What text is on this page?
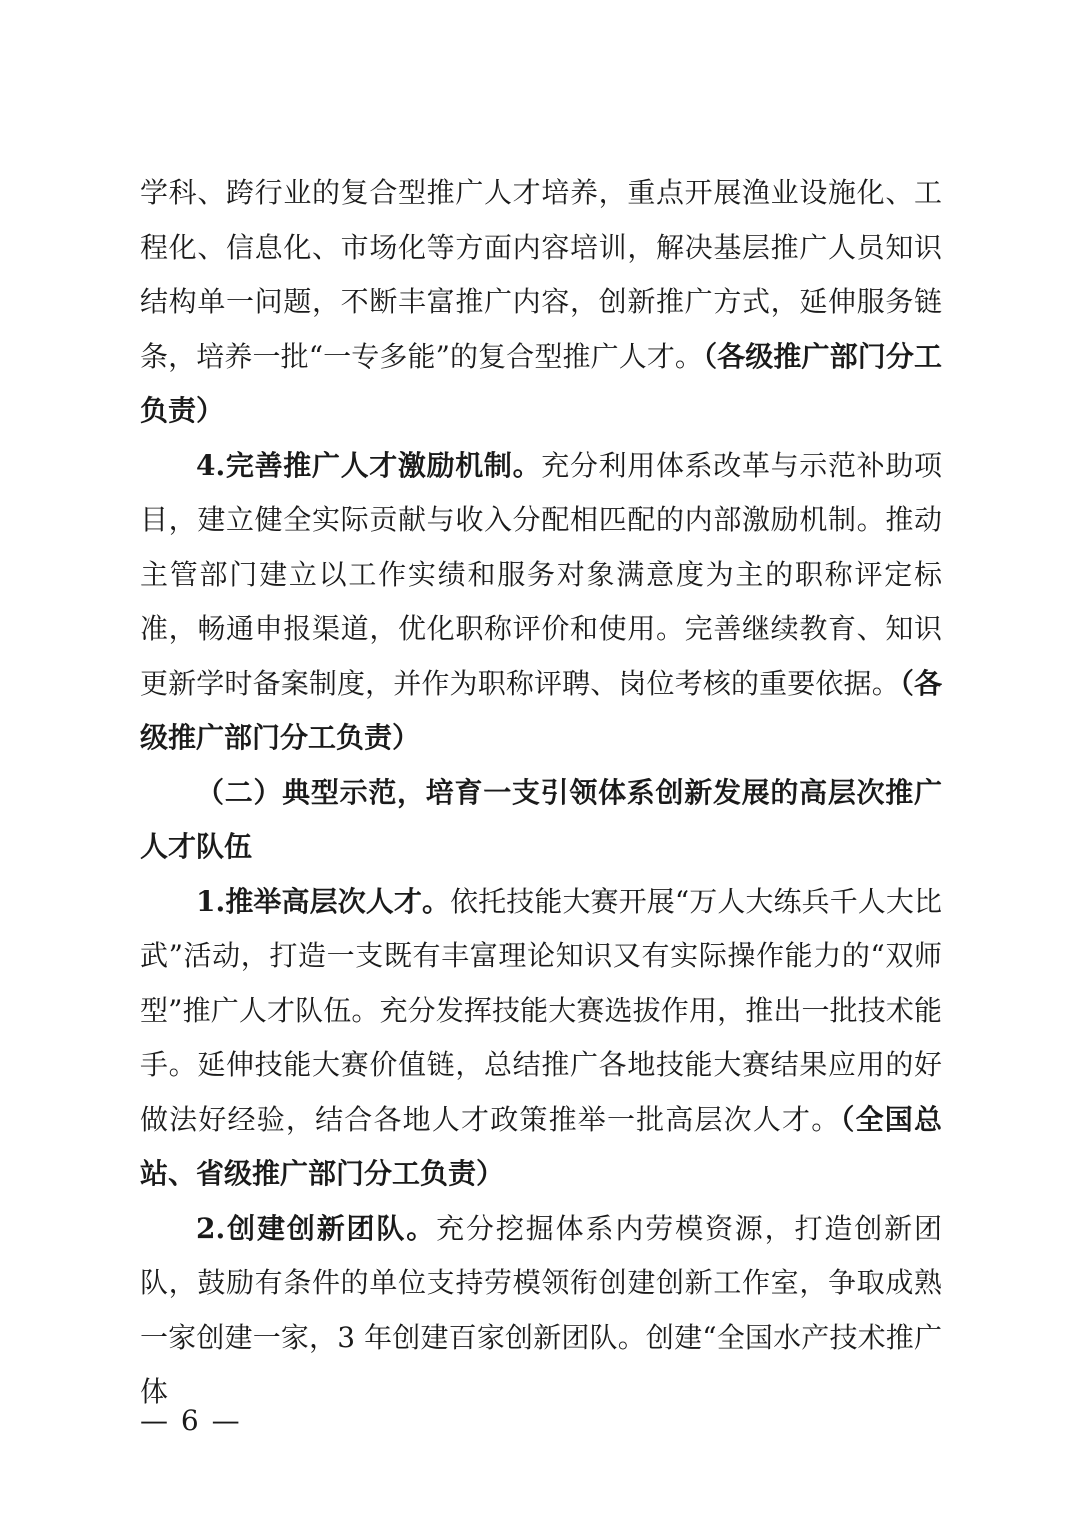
学科、跨行业的复合型推广人才培养，重点开展渔业设施化、工程化、信息化、市场化等方面内容培训，解决基层推广人员知识结构单一问题，不断丰富推广内容，创新推广方式，延伸服务链条，培养一批“一专多能”的复合型推广人才。（各级推广部门分工负责）

4.完善推广人才激励机制。充分利用体系改革与示范补助项目，建立健全实际贡献与收入分配相匹配的内部激励机制。推动主管部门建立以工作实绩和服务对象满意度为主的职称评定标准，畅通申报渠道，优化职称评价和使用。完善继续教育、知识更新学时备案制度，并作为职称评聘、岗位考核的重要依据。（各级推广部门分工负责）

（二）典型示范，培育一支引领体系创新发展的高层次推广人才队伍

1.推举高层次人才。依托技能大赛开展“万人大练兵千人大比武”活动，打造一支既有丰富理论知识又有实际操作能力的“双师型”推广人才队伍。充分发挥技能大赛选拔作用，推出一批技术能手。延伸技能大赛价值链，总结推广各地技能大赛结果应用的好做法好经验，结合各地人才政策推举一批高层次人才。（全国总站、省级推广部门分工负责）

2.创建创新团队。充分挖掘体系内劳模资源，打造创新团队，鼓励有条件的单位支持劳模领衔创建创新工作室，争取成熟一家创建一家，3 年创建百家创新团队。创建“全国水产技术推广体

— 6 —
